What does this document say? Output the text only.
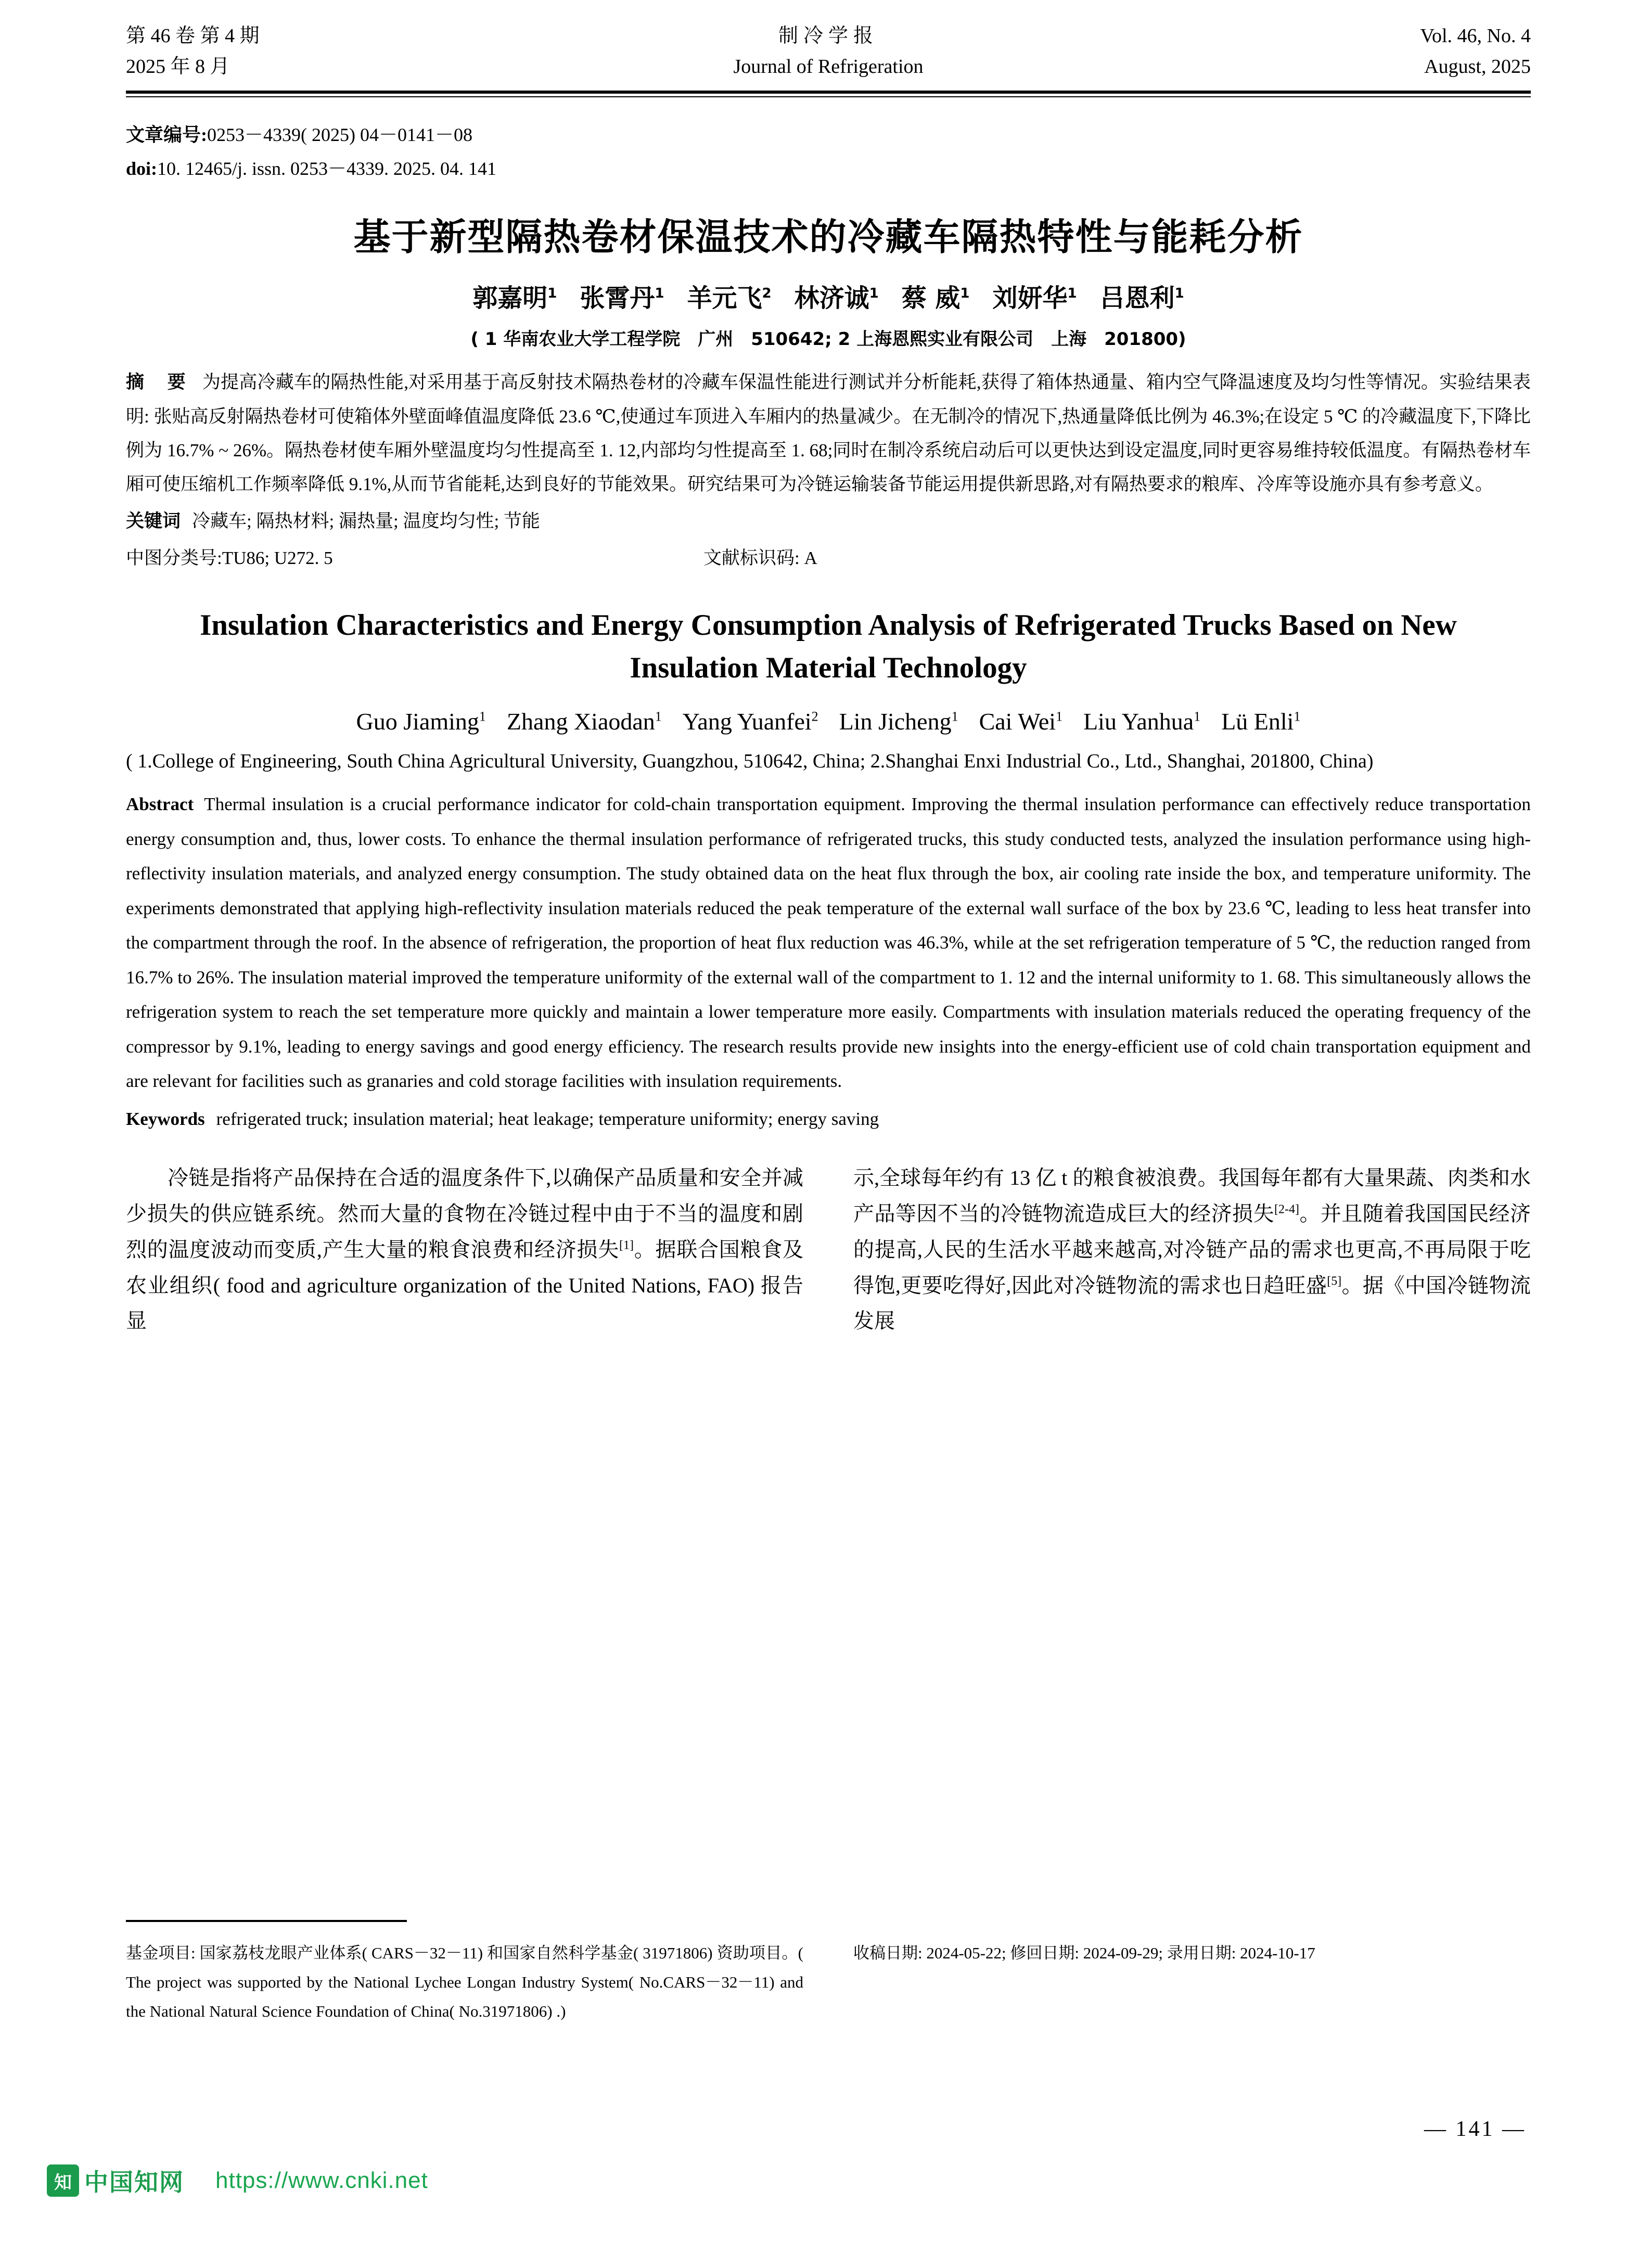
第 46 卷 第 4 期
2025 年 8 月
制冷学报
Journal of Refrigeration
Vol. 46, No. 4
August, 2025
文章编号:0253－4339( 2025) 04－0141－08
doi:10. 12465/j. issn. 0253－4339. 2025. 04. 141
基于新型隔热卷材保温技术的冷藏车隔热特性与能耗分析
郭嘉明$^1$ 张霄丹$^1$ 羊元飞$^2$ 林济诚$^1$ 蔡 威$^1$ 刘妍华$^1$ 吕恩利$^1$
( 1 华南农业大学工程学院　广州　510642; 2 上海恩熙实业有限公司　上海　201800)
摘 要 为提高冷藏车的隔热性能,对采用基于高反射技术隔热卷材的冷藏车保温性能进行测试并分析能耗,获得了箱体热通量、箱内空气降温速度及均匀性等情况。实验结果表明: 张贴高反射隔热卷材可使箱体外壁面峰值温度降低 23.6 ℃,使通过车顶进入车厢内的热量减少。在无制冷的情况下,热通量降低比例为 46.3%;在设定 5 ℃ 的冷藏温度下,下降比例为 16.7% ~ 26%。隔热卷材使车厢外壁温度均匀性提高至 1. 12,内部均匀性提高至 1. 68;同时在制冷系统启动后可以更快达到设定温度,同时更容易维持较低温度。有隔热卷材车厢可使压缩机工作频率降低 9.1%,从而节省能耗,达到良好的节能效果。研究结果可为冷链运输装备节能运用提供新思路,对有隔热要求的粮库、冷库等设施亦具有参考意义。
关键词 冷藏车; 隔热材料; 漏热量; 温度均匀性; 节能
中图分类号:TU86; U272. 5	文献标识码: A
Insulation Characteristics and Energy Consumption Analysis of Refrigerated Trucks Based on New Insulation Material Technology
Guo Jiaming$^1$ Zhang Xiaodan$^1$ Yang Yuanfei$^2$ Lin Jicheng$^1$ Cai Wei$^1$ Liu Yanhua$^1$ Lü Enli$^1$
( 1.College of Engineering, South China Agricultural University, Guangzhou, 510642, China; 2.Shanghai Enxi Industrial Co., Ltd., Shanghai, 201800, China)
Abstract Thermal insulation is a crucial performance indicator for cold-chain transportation equipment. Improving the thermal insulation performance can effectively reduce transportation energy consumption and, thus, lower costs. To enhance the thermal insulation performance of refrigerated trucks, this study conducted tests, analyzed the insulation performance using high-reflectivity insulation materials, and analyzed energy consumption. The study obtained data on the heat flux through the box, air cooling rate inside the box, and temperature uniformity. The experiments demonstrated that applying high-reflectivity insulation materials reduced the peak temperature of the external wall surface of the box by 23.6 ℃, leading to less heat transfer into the compartment through the roof. In the absence of refrigeration, the proportion of heat flux reduction was 46.3%, while at the set refrigeration temperature of 5 ℃, the reduction ranged from 16.7% to 26%. The insulation material improved the temperature uniformity of the external wall of the compartment to 1. 12 and the internal uniformity to 1. 68. This simultaneously allows the refrigeration system to reach the set temperature more quickly and maintain a lower temperature more easily. Compartments with insulation materials reduced the operating frequency of the compressor by 9.1%, leading to energy savings and good energy efficiency. The research results provide new insights into the energy-efficient use of cold chain transportation equipment and are relevant for facilities such as granaries and cold storage facilities with insulation requirements.
Keywords refrigerated truck; insulation material; heat leakage; temperature uniformity; energy saving

冷链是指将产品保持在合适的温度条件下,以确保产品质量和安全并减少损失的供应链系统。然而大量的食物在冷链过程中由于不当的温度和剧烈的温度波动而变质,产生大量的粮食浪费和经济损失[1]。据联合国粮食及农业组织( food and agriculture organization of the United Nations, FAO) 报告显

示,全球每年约有 13 亿 t 的粮食被浪费。我国每年都有大量果蔬、肉类和水产品等因不当的冷链物流造成巨大的经济损失[2-4]。并且随着我国国民经济的提高,人民的生活水平越来越高,对冷链产品的需求也更高,不再局限于吃得饱,更要吃得好,因此对冷链物流的需求也日趋旺盛[5]。据《中国冷链物流发展

基金项目: 国家荔枝龙眼产业体系( CARS－32－11) 和国家自然科学基金( 31971806) 资助项目。( The project was supported by the National Lychee Longan Industry System( No.CARS－32－11) and the National Natural Science Foundation of China( No.31971806) .)
收稿日期: 2024-05-22; 修回日期: 2024-09-29; 录用日期: 2024-10-17
— 141 —
知 中国知网 https://www.cnki.net
